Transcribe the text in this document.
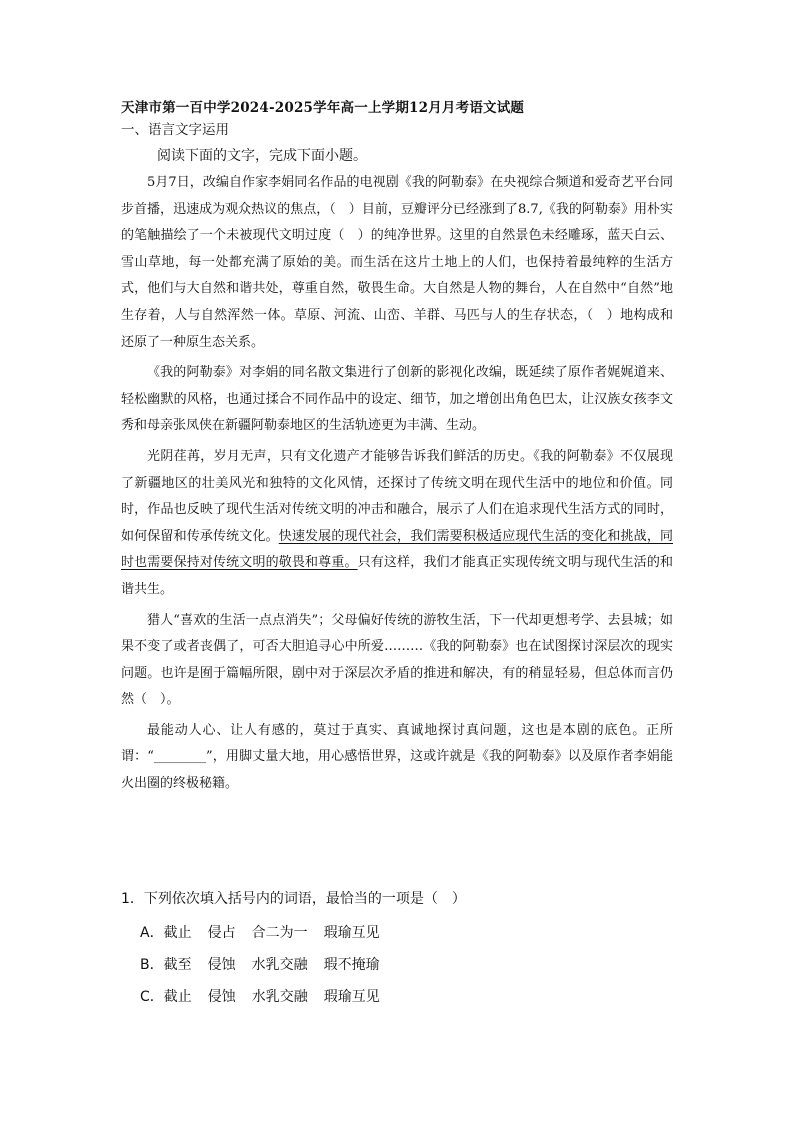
天津市第一百中学2024-2025学年高一上学期12月月考语文试题
一、语言文字运用
阅读下面的文字，完成下面小题。

5月7日，改编自作家李娟同名作品的电视剧《我的阿勒泰》在央视综合频道和爱奇艺平台同步首播，迅速成为观众热议的焦点，（　）目前，豆瓣评分已经涨到了8.7,《我的阿勒泰》用朴实的笔触描绘了一个未被现代文明过度（　）的纯净世界。这里的自然景色未经雕琢，蓝天白云、雪山草地，每一处都充满了原始的美。而生活在这片土地上的人们，也保持着最纯粹的生活方式，他们与大自然和谐共处，尊重自然，敬畏生命。大自然是人物的舞台，人在自然中“自然”地生存着，人与自然浑然一体。草原、河流、山峦、羊群、马匹与人的生存状态，（　）地构成和还原了一种原生态关系。

《我的阿勒泰》对李娟的同名散文集进行了创新的影视化改编，既延续了原作者娓娓道来、轻松幽默的风格，也通过揉合不同作品中的设定、细节，加之增创出角色巴太，让汉族女孩李文秀和母亲张凤侠在新疆阿勒泰地区的生活轨迹更为丰满、生动。

光阴荏苒，岁月无声，只有文化遗产才能够告诉我们鲜活的历史。《我的阿勒泰》不仅展现了新疆地区的壮美风光和独特的文化风情，还探讨了传统文明在现代生活中的地位和价值。同时，作品也反映了现代生活对传统文明的冲击和融合，展示了人们在追求现代生活方式的同时，如何保留和传承传统文化。快速发展的现代社会，我们需要积极适应现代生活的变化和挑战，同时也需要保持对传统文明的敬畏和尊重。只有这样，我们才能真正实现传统文明与现代生活的和谐共生。

猎人“喜欢的生活一点点消失”；父母偏好传统的游牧生活，下一代却更想考学、去县城；如果不变了或者丧偶了，可否大胆追寻心中所爱………《我的阿勒泰》也在试图探讨深层次的现实问题。也许是囿于篇幅所限，剧中对于深层次矛盾的推进和解决，有的稍显轻易，但总体而言仍然（　）。

最能动人心、让人有感的，莫过于真实、真诚地探讨真问题，这也是本剧的底色。正所谓：“________”，用脚丈量大地，用心感悟世界，这或许就是《我的阿勒泰》以及原作者李娟能火出圈的终极秘籍。

1．下列依次填入括号内的词语，最恰当的一项是（　）
A．截止 侵占 合二为一 瑕瑜互见
B．截至 侵蚀 水乳交融 瑕不掩瑜
C．截止 侵蚀 水乳交融 瑕瑜互见
